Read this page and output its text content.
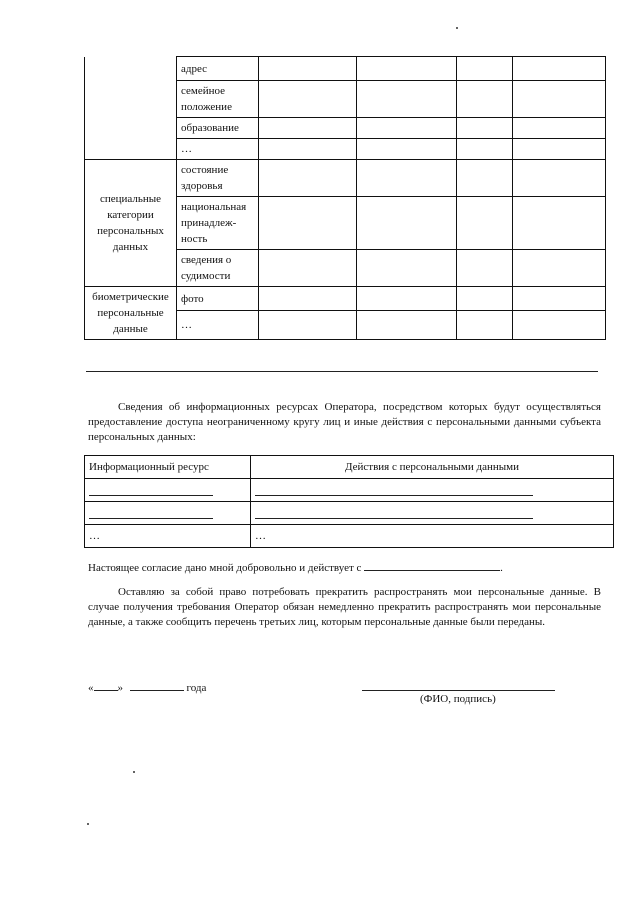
	адрес				
	семейное положение				
	образование				
	…				
специальные категории персональных данных	состояние здоровья				
	национальная принадлеж-ность				
	сведения о судимости				
биометрические персональные данные	фото				
	…				
Сведения об информационных ресурсах Оператора, посредством которых будут осуществляться предоставление доступа неограниченному кругу лиц и иные действия с персональными данными субъекта персональных данных:
Информационный ресурс	Действия с персональными данными

…	…
Настоящее согласие дано мной добровольно и действует с	.
Оставляю за собой право потребовать прекратить распространять мои персональные данные. В случае получения требования Оператор обязан немедленно прекратить распространять мои персональные данные, а также сообщить перечень третьих лиц, которым персональные данные были переданы.
« »	года
(ФИО, подпись)
